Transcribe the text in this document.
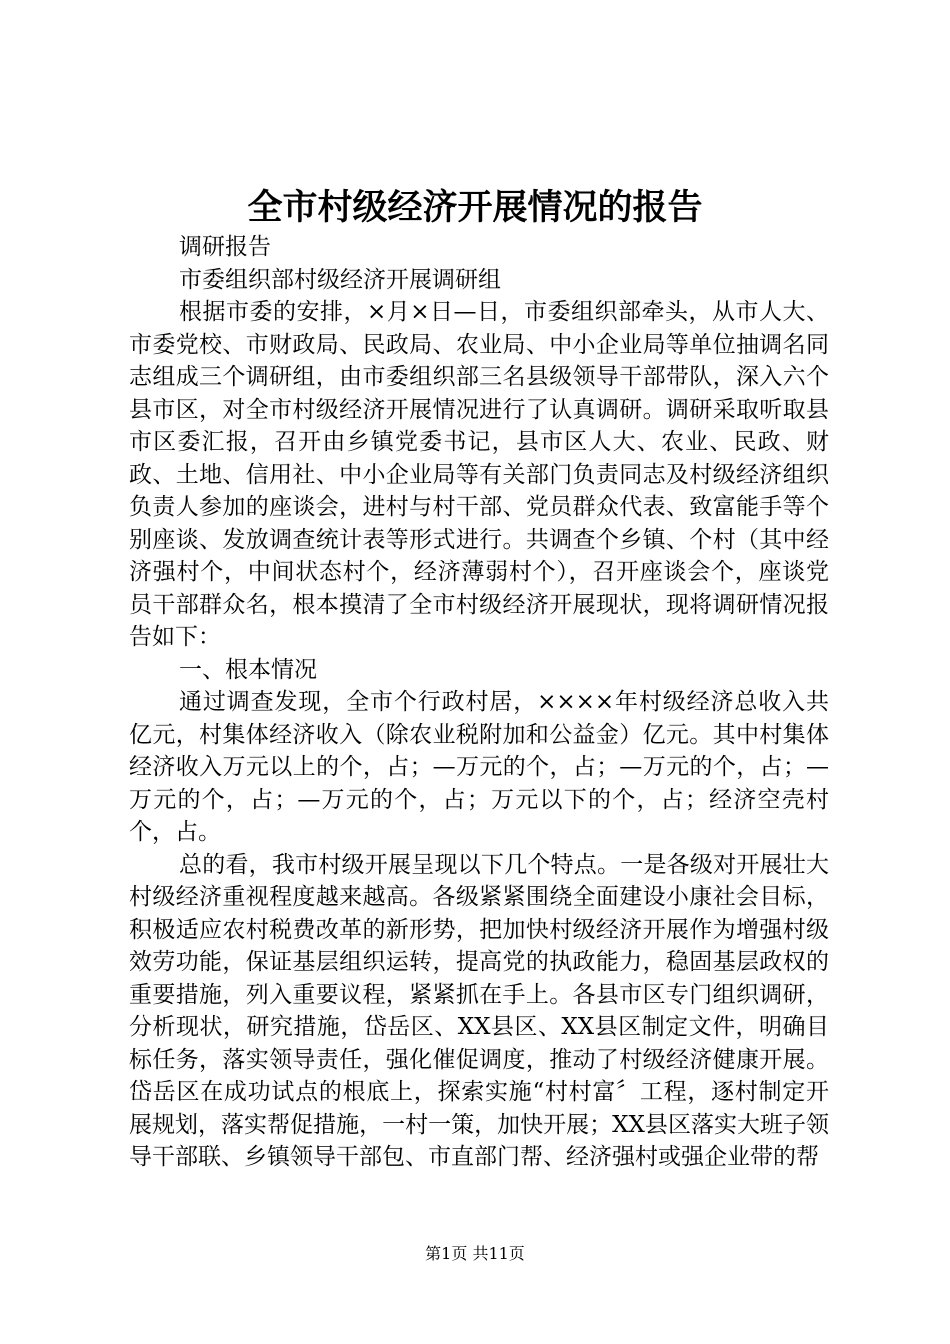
全市村级经济开展情况的报告

调研报告

市委组织部村级经济开展调研组

根据市委的安排，×月×日—日，市委组织部牵头，从市人大、市委党校、市财政局、民政局、农业局、中小企业局等单位抽调名同志组成三个调研组，由市委组织部三名县级领导干部带队，深入六个县市区，对全市村级经济开展情况进行了认真调研。调研采取听取县市区委汇报，召开由乡镇党委书记，县市区人大、农业、民政、财政、土地、信用社、中小企业局等有关部门负责同志及村级经济组织负责人参加的座谈会，进村与村干部、党员群众代表、致富能手等个别座谈、发放调查统计表等形式进行。共调查个乡镇、个村（其中经济强村个，中间状态村个，经济薄弱村个），召开座谈会个，座谈党员干部群众名，根本摸清了全市村级经济开展现状，现将调研情况报告如下：

一、根本情况

通过调查发现，全市个行政村居，××××年村级经济总收入共亿元，村集体经济收入（除农业税附加和公益金）亿元。其中村集体经济收入万元以上的个，占；—万元的个，占；—万元的个，占；—万元的个，占；—万元的个，占；万元以下的个，占；经济空壳村个，占。

总的看，我市村级开展呈现以下几个特点。一是各级对开展壮大村级经济重视程度越来越高。各级紧紧围绕全面建设小康社会目标，积极适应农村税费改革的新形势，把加快村级经济开展作为增强村级效劳功能，保证基层组织运转，提高党的执政能力，稳固基层政权的重要措施，列入重要议程，紧紧抓在手上。各县市区专门组织调研，分析现状，研究措施，岱岳区、XX县区、XX县区制定文件，明确目标任务，落实领导责任，强化催促调度，推动了村级经济健康开展。岱岳区在成功试点的根底上，探索实施“村村富〞工程，逐村制定开展规划，落实帮促措施，一村一策，加快开展；XX县区落实大班子领导干部联、乡镇领导干部包、市直部门帮、经济强村或强企业带的帮

第1页 共11页
